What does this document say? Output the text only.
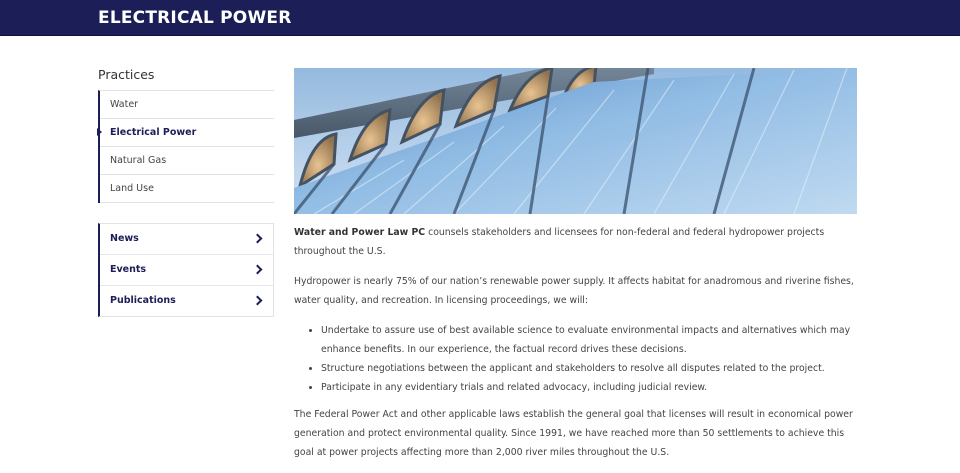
ELECTRICAL POWER
Practices
Water
Electrical Power
Natural Gas
Land Use
News
Events
Publications

Water and Power Law PC counsels stakeholders and licensees for non-federal and federal hydropower projects throughout the U.S.

Hydropower is nearly 75% of our nation’s renewable power supply. It affects habitat for anadromous and riverine fishes, water quality, and recreation. In licensing proceedings, we will:

• Undertake to assure use of best available science to evaluate environmental impacts and alternatives which may enhance benefits. In our experience, the factual record drives these decisions.
• Structure negotiations between the applicant and stakeholders to resolve all disputes related to the project.
• Participate in any evidentiary trials and related advocacy, including judicial review.

The Federal Power Act and other applicable laws establish the general goal that licenses will result in economical power generation and protect environmental quality. Since 1991, we have reached more than 50 settlements to achieve this goal at power projects affecting more than 2,000 river miles throughout the U.S.
